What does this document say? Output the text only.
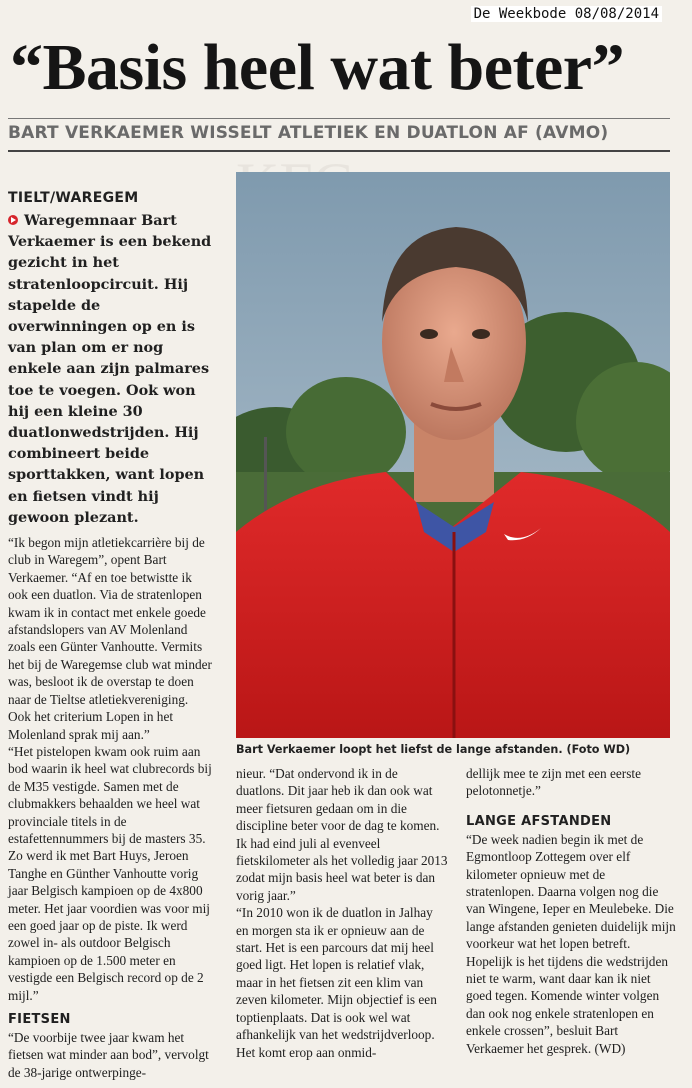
De Weekbode 08/08/2014
“Basis heel wat beter”
BART VERKAEMER WISSELT ATLETIEK EN DUATLON AF (AVMO)
TIELT/WAREGEM
Waregemnaar Bart Verkaemer is een bekend gezicht in het stratenloopcircuit. Hij stapelde de overwinningen op en is van plan om er nog enkele aan zijn palmares toe te voegen. Ook won hij een kleine 30 duatlonwedstrijden. Hij combineert beide sporttakken, want lopen en fietsen vindt hij gewoon plezant.

“Ik begon mijn atletiekcarrière bij de club in Waregem”, opent Bart Verkaemer. “Af en toe betwistte ik ook een duatlon. Via de stratenlopen kwam ik in contact met enkele goede afstandslopers van AV Molenland zoals een Günter Vanhoutte. Vermits het bij de Waregemse club wat minder was, besloot ik de overstap te doen naar de Tieltse atletiekvereniging. Ook het criterium Lopen in het Molenland sprak mij aan.”

“Het pistelopen kwam ook ruim aan bod waarin ik heel wat clubrecords bij de M35 vestigde. Samen met de clubmakkers behaalden we heel wat provinciale titels in de estafettennummers bij de masters 35. Zo werd ik met Bart Huys, Jeroen Tanghe en Günther Vanhoutte vorig jaar Belgisch kampioen op de 4x800 meter. Het jaar voordien was voor mij een goed jaar op de piste. Ik werd zowel in- als outdoor Belgisch kampioen op de 1.500 meter en vestigde een Belgisch record op de 2 mijl.”

FIETSEN

“De voorbije twee jaar kwam het fietsen wat minder aan bod”, vervolgt de 38-jarige ontwerpinge-

Bart Verkaemer loopt het liefst de lange afstanden. (Foto WD)

nieur. “Dat ondervond ik in de duatlons. Dit jaar heb ik dan ook wat meer fietsuren gedaan om in die discipline beter voor de dag te komen. Ik had eind juli al evenveel fietskilometer als het volledig jaar 2013 zodat mijn basis heel wat beter is dan vorig jaar.”

“In 2010 won ik de duatlon in Jalhay en morgen sta ik er opnieuw aan de start. Het is een parcours dat mij heel goed ligt. Het lopen is relatief vlak, maar in het fietsen zit een klim van zeven kilometer. Mijn objectief is een toptienplaats. Dat is ook wel wat afhankelijk van het wedstrijdverloop. Het komt erop aan onmid-

dellijk mee te zijn met een eerste pelotonnetje.”

LANGE AFSTANDEN

“De week nadien begin ik met de Egmontloop Zottegem over elf kilometer opnieuw met de stratenlopen. Daarna volgen nog die van Wingene, Ieper en Meulebeke. Die lange afstanden genieten duidelijk mijn voorkeur wat het lopen betreft. Hopelijk is het tijdens die wedstrijden niet te warm, want daar kan ik niet goed tegen. Komende winter volgen dan ook nog enkele stratenlopen en enkele crossen”, besluit Bart Verkaemer het gesprek. (WD)
